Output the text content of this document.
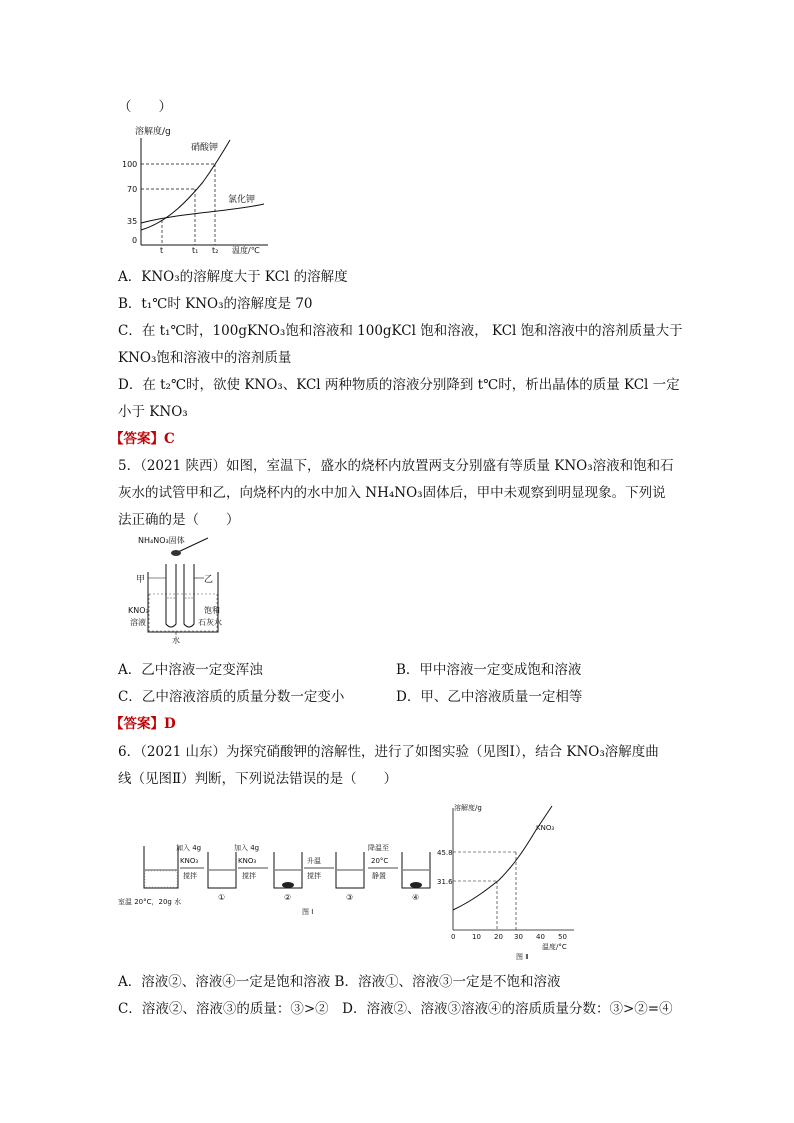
（　　）
溶解度/g
硝酸钾
氯化钾
100
70
35
0
t	t₁ t₂ 温度/℃
A．KNO₃的溶解度大于 KCl 的溶解度
B．t₁℃时 KNO₃的溶解度是 70
C．在 t₁℃时，100gKNO₃饱和溶液和 100gKCl 饱和溶液， KCl 饱和溶液中的溶剂质量大于
KNO₃饱和溶液中的溶剂质量
D．在 t₂℃时，欲使 KNO₃、KCl 两种物质的溶液分别降到 t℃时，析出晶体的质量 KCl 一定
小于 KNO₃
【答案】C
5．（2021 陕西）如图，室温下，盛水的烧杯内放置两支分别盛有等质量 KNO₃溶液和饱和石
灰水的试管甲和乙，向烧杯内的水中加入 NH₄NO₃固体后，甲中未观察到明显现象。下列说
法正确的是（　　）
NH₄NO₃固体
甲	乙
KNO₃
溶液
饱和
石灰水
水
A．乙中溶液一定变浑浊	B．甲中溶液一定变成饱和溶液
C．乙中溶液溶质的质量分数一定变小	D．甲、乙中溶液质量一定相等
【答案】D
6．（2021 山东）为探究硝酸钾的溶解性，进行了如图实验（见图Ⅰ），结合 KNO₃溶解度曲
线（见图Ⅱ）判断，下列说法错误的是（　　）
加入 4g
KNO₃
搅拌
①
加入 4g
KNO₃
搅拌
②
升温
搅拌
③
降温至
20°C
静置
④
室温 20°C，20g 水
图 Ⅰ
溶解度/g
KNO₃
45.8
31.6
0 10 20 30 40 50
温度/°C
图 Ⅱ
A．溶液②、溶液④一定是饱和溶液 B．溶液①、溶液③一定是不饱和溶液
C．溶液②、溶液③的质量：③>②　D．溶液②、溶液③溶液④的溶质质量分数：③>②=④
